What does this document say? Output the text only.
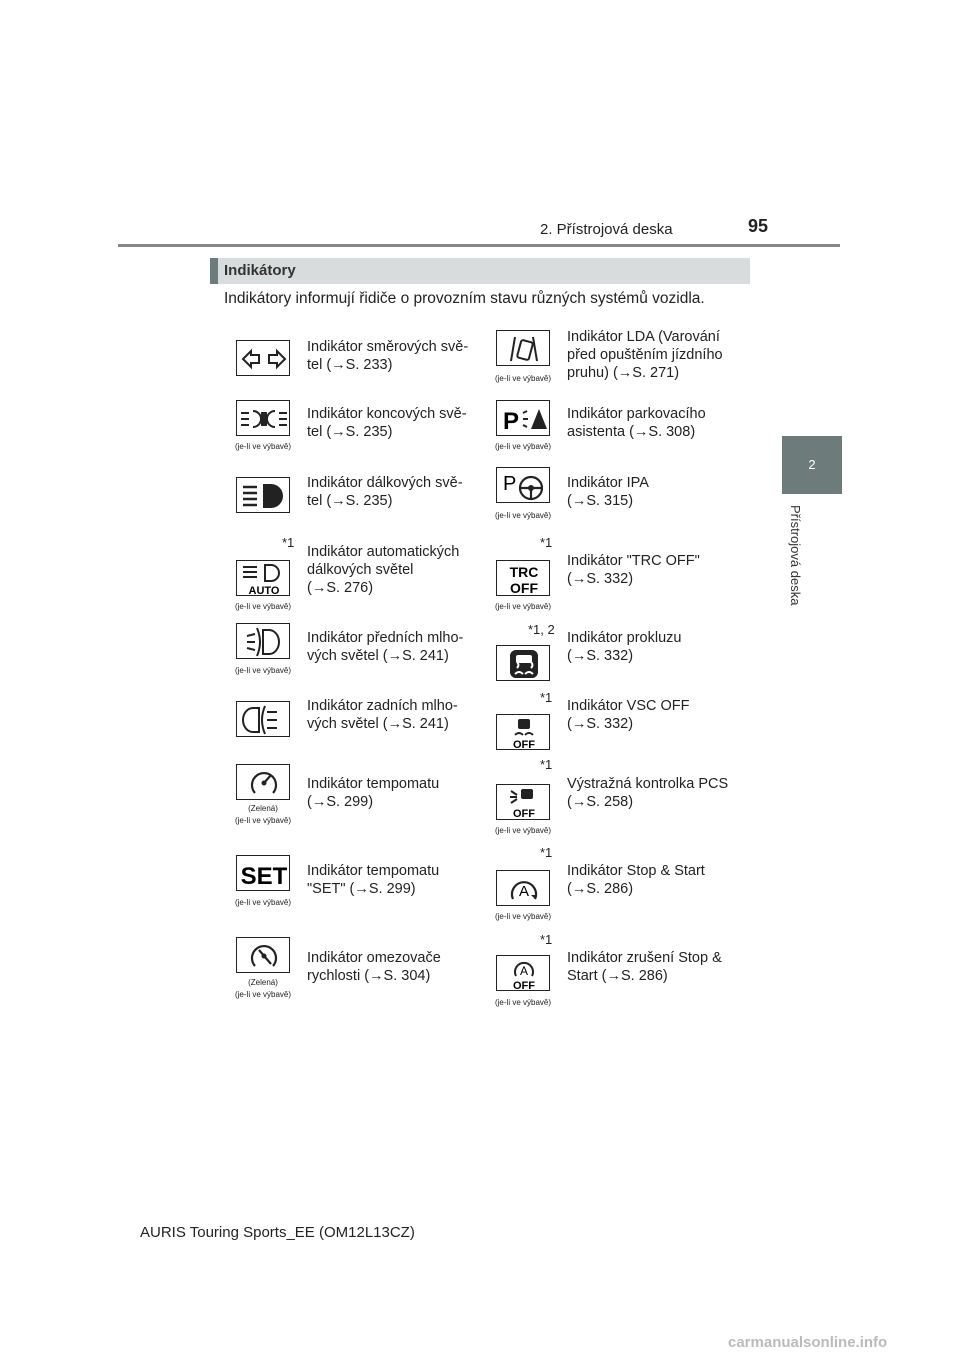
2. Přístrojová deska	95
2
Přístrojová deska
Indikátory
Indikátory informují řidiče o provozním stavu různých systémů vozidla.
Indikátor směrových svě-
tel (→S. 233)
(je-li ve výbavě)
Indikátor koncových svě-
tel (→S. 235)
Indikátor dálkových svě-
tel (→S. 235)
*1
AUTO
(je-li ve výbavě)
Indikátor automatických
dálkových světel
(→S. 276)
(je-li ve výbavě)
Indikátor předních mlho-
vých světel (→S. 241)
Indikátor zadních mlho-
vých světel (→S. 241)
(Zelená)
(je-li ve výbavě)
Indikátor tempomatu
(→S. 299)
SET
(je-li ve výbavě)
Indikátor tempomatu
"SET" (→S. 299)
(Zelená)
(je-li ve výbavě)
Indikátor omezovače
rychlosti (→S. 304)
(je-li ve výbavě)
Indikátor LDA (Varování
před opuštěním jízdního
pruhu) (→S. 271)
P
(je-li ve výbavě)
Indikátor parkovacího
asistenta (→S. 308)
P
(je-li ve výbavě)
Indikátor IPA
(→S. 315)
*1
TRC
OFF
(je-li ve výbavě)
Indikátor "TRC OFF"
(→S. 332)
*1, 2
Indikátor prokluzu
(→S. 332)
*1
OFF
Indikátor VSC OFF
(→S. 332)
*1
OFF
(je-li ve výbavě)
Výstražná kontrolka PCS
(→S. 258)
*1
A
(je-li ve výbavě)
Indikátor Stop & Start
(→S. 286)
*1
A
OFF
(je-li ve výbavě)
Indikátor zrušení Stop &
Start (→S. 286)
AURIS Touring Sports_EE (OM12L13CZ)
carmanualsonline.info
